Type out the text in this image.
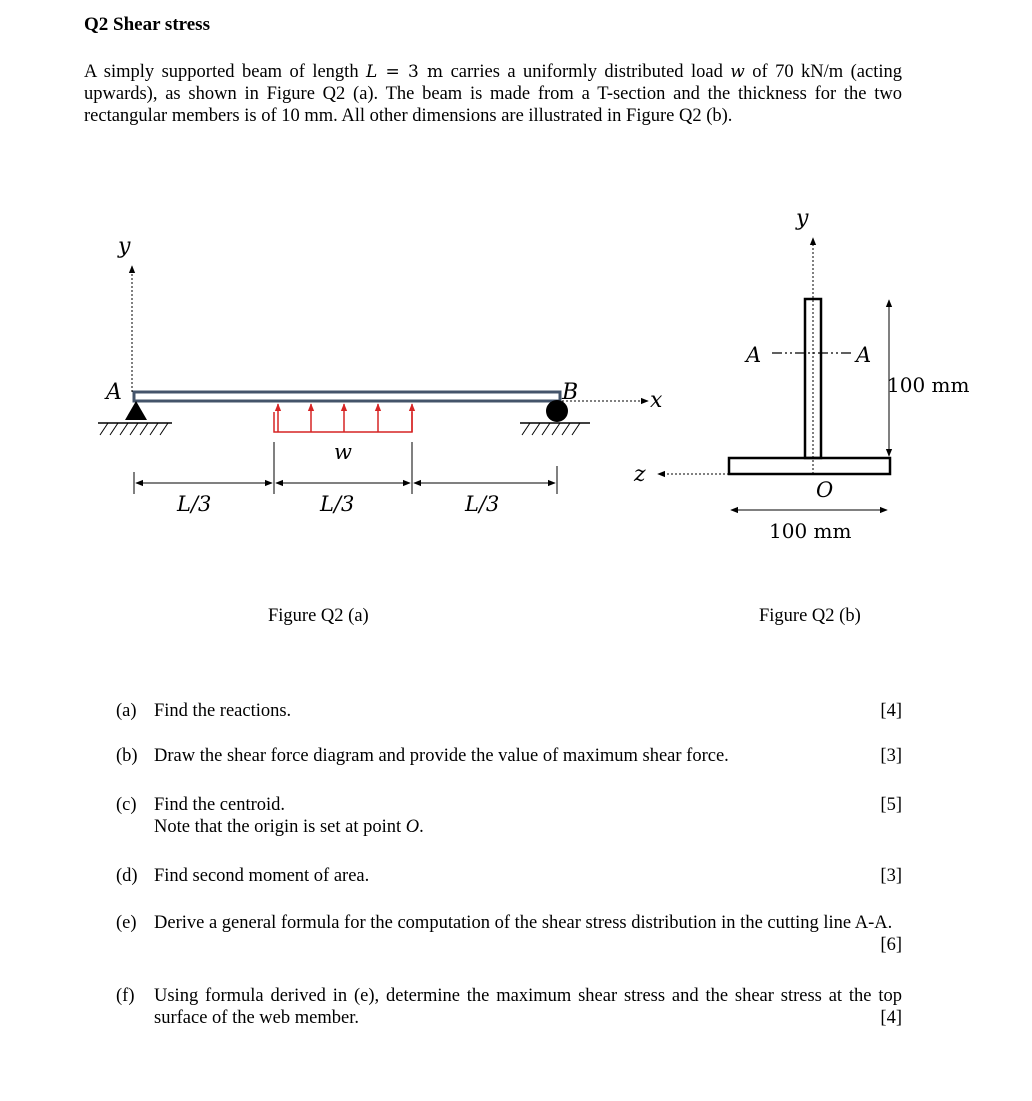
Q2 Shear stress

A simply supported beam of length L = 3 m carries a uniformly distributed load w of 70 kN/m (acting upwards), as shown in Figure Q2 (a). The beam is made from a T-section and the thickness for the two rectangular members is of 10 mm. All other dimensions are illustrated in Figure Q2 (b).

y
x
A	B
w
L/3	L/3	L/3
y
z
O
A	A
100 mm
100 mm
Figure Q2 (a)	Figure Q2 (b)
(a) Find the reactions.	[4]
(b) Draw the shear force diagram and provide the value of maximum shear force.	[3]
(c) Find the centroid.
Note that the origin is set at point O.
[5]
(d) Find second moment of area.	[3]
(e) Derive a general formula for the computation of the shear stress distribution in the cutting line A-A.
[6]
(f) Using formula derived in (e), determine the maximum shear stress and the shear stress at the top surface of the web member.	[4]
